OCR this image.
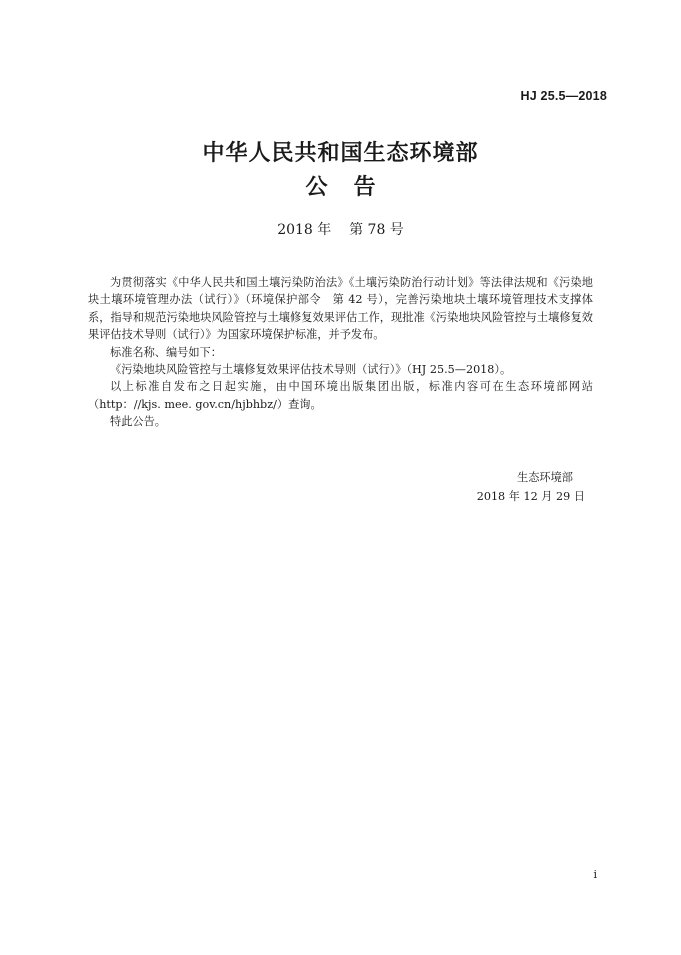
HJ 25.5—2018
中华人民共和国生态环境部
公 告
2018 年 第 78 号

为贯彻落实《中华人民共和国土壤污染防治法》《土壤污染防治行动计划》等法律法规和《污染地块土壤环境管理办法（试行）》（环境保护部令　第 42 号），完善污染地块土壤环境管理技术支撑体系，指导和规范污染地块风险管控与土壤修复效果评估工作，现批准《污染地块风险管控与土壤修复效果评估技术导则（试行）》为国家环境保护标准，并予发布。

标准名称、编号如下：

《污染地块风险管控与土壤修复效果评估技术导则（试行）》（HJ 25.5—2018）。

以上标准自发布之日起实施，由中国环境出版集团出版，标准内容可在生态环境部网站（http：//kjs. mee. gov.cn/hjbhbz/）查询。

特此公告。

生态环境部
2018 年 12 月 29 日
i
